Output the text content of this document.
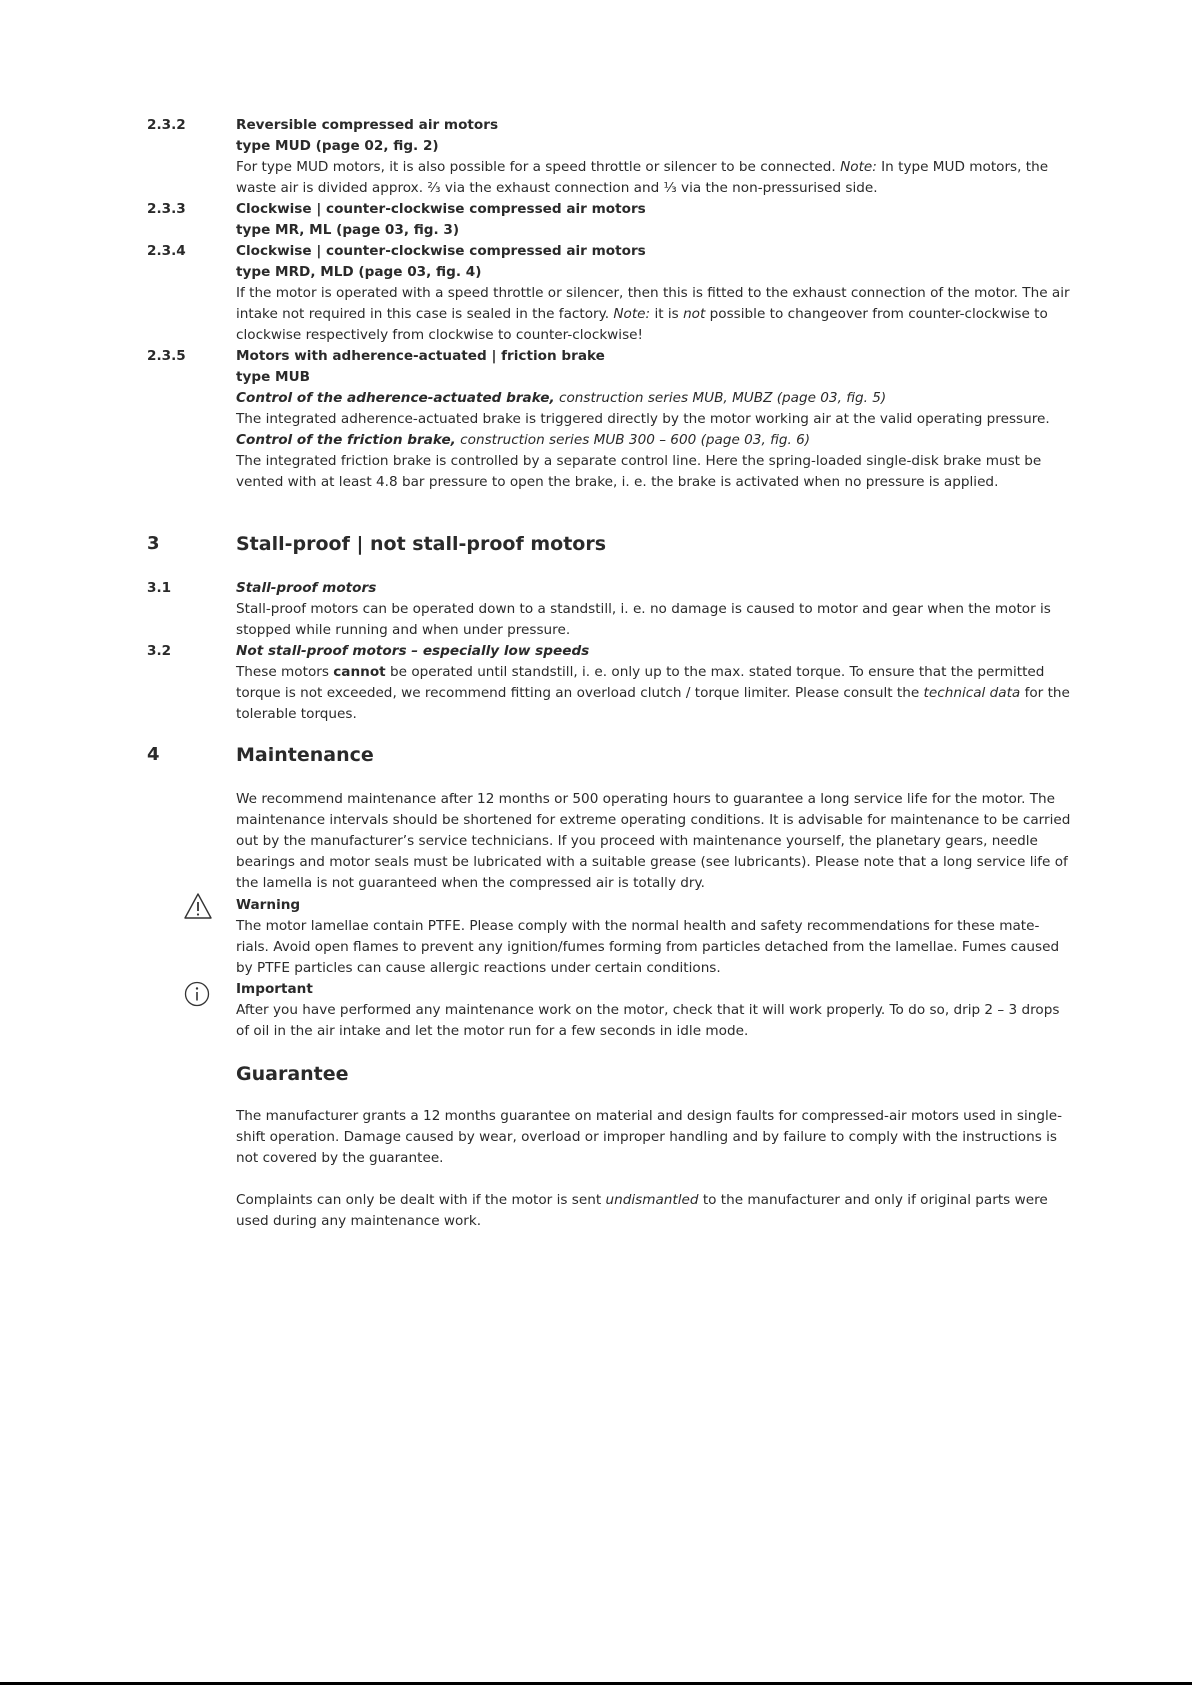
2.3.2	Reversible compressed air motors

type MUD (page 02, fig. 2)

For type MUD motors, it is also possible for a speed throttle or silencer to be connected. Note: In type MUD motors, the waste air is divided approx. ⅔ via the exhaust connection and ⅓ via the non-pressurised side.

2.3.3	Clockwise | counter-clockwise compressed air motors

type MR, ML (page 03, fig. 3)

2.3.4	Clockwise | counter-clockwise compressed air motors

type MRD, MLD (page 03, fig. 4)

If the motor is operated with a speed throttle or silencer, then this is fitted to the exhaust connection of the motor. The air intake not required in this case is sealed in the factory. Note: it is not possible to changeover from counter-clockwise to clockwise respectively from clockwise to counter-clockwise!

2.3.5	Motors with adherence-actuated | friction brake

type MUB

Control of the adherence-actuated brake, construction series MUB, MUBZ (page 03, fig. 5)

The integrated adherence-actuated brake is triggered directly by the motor working air at the valid operating pressure.

Control of the friction brake, construction series MUB 300 – 600 (page 03, fig. 6)

The integrated friction brake is controlled by a separate control line. Here the spring-loaded single-disk brake must be vented with at least 4.8 bar pressure to open the brake, i. e. the brake is activated when no pressure is applied.

3	Stall-proof | not stall-proof motors
3.1	Stall-proof motors

Stall-proof motors can be operated down to a standstill, i. e. no damage is caused to motor and gear when the motor is stopped while running and when under pressure.

3.2	Not stall-proof motors – especially low speeds

These motors cannot be operated until standstill, i. e. only up to the max. stated torque. To ensure that the permitted torque is not exceeded, we recommend fitting an overload clutch / torque limiter. Please consult the technical data for the tolerable torques.

4	Maintenance

We recommend maintenance after 12 months or 500 operating hours to guarantee a long service life for the motor. The maintenance intervals should be shortened for extreme operating conditions. It is advisable for maintenance to be carried out by the manufacturer’s service technicians. If you proceed with maintenance yourself, the planetary gears, needle bearings and motor seals must be lubricated with a suitable grease (see lubricants). Please note that a long service life of the lamella is not guaranteed when the compressed air is totally dry.

Warning

The motor lamellae contain PTFE. Please comply with the normal health and safety recommendations for these mate-rials. Avoid open flames to prevent any ignition/fumes forming from particles detached from the lamellae. Fumes caused by PTFE particles can cause allergic reactions under certain conditions.

Important

After you have performed any maintenance work on the motor, check that it will work properly. To do so, drip 2 – 3 drops of oil in the air intake and let the motor run for a few seconds in idle mode.

Guarantee

The manufacturer grants a 12 months guarantee on material and design faults for compressed-air motors used in single-shift operation. Damage caused by wear, overload or improper handling and by failure to comply with the instructions is not covered by the guarantee.

Complaints can only be dealt with if the motor is sent undismantled to the manufacturer and only if original parts were used during any maintenance work.
